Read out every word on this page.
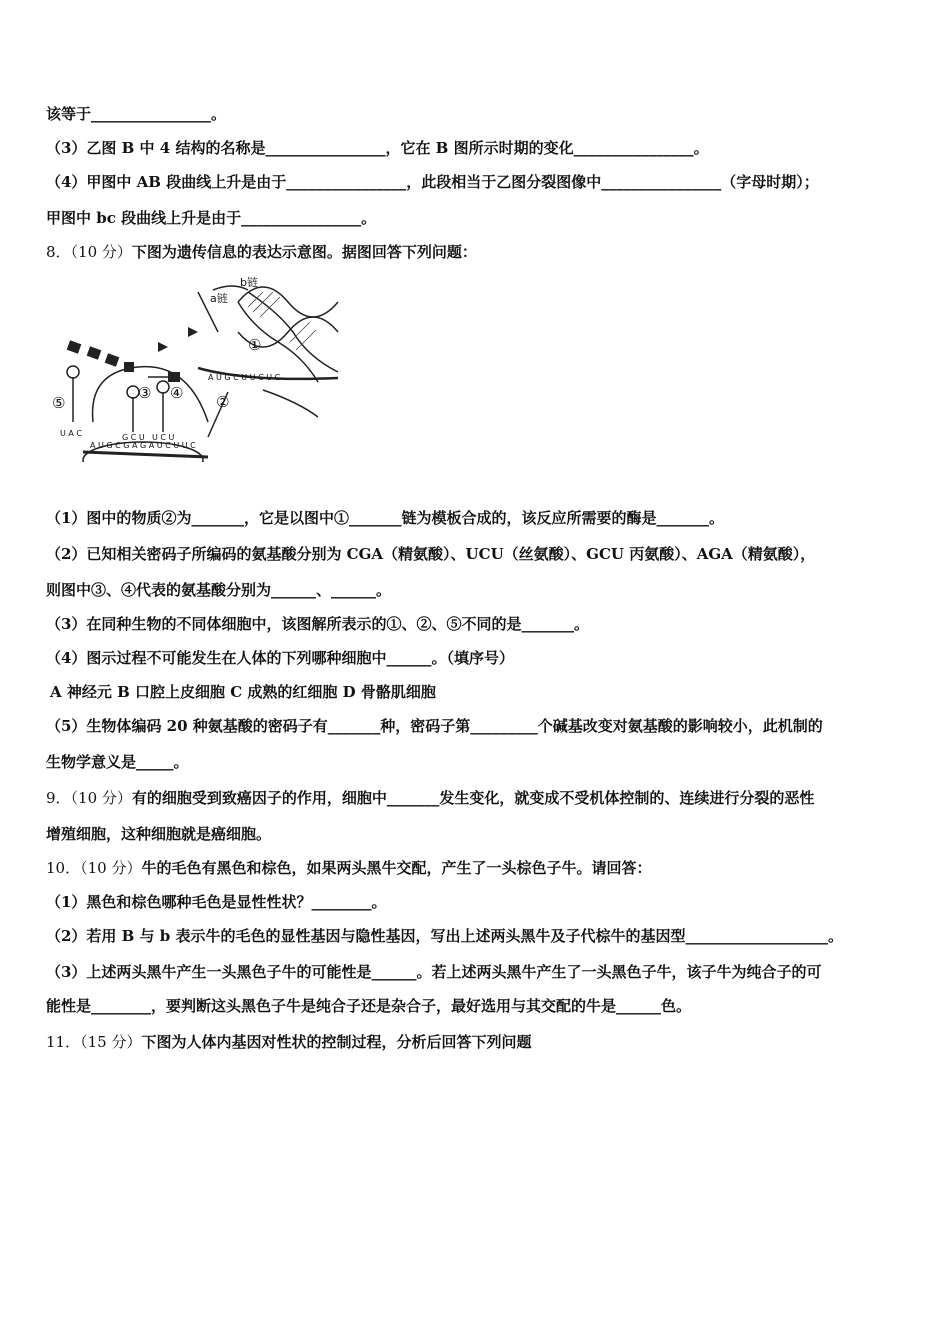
该等于________________。
（3）乙图 B 中 4 结构的名称是________________，它在 B 图所示时期的变化________________。
（4）甲图中 AB 段曲线上升是由于________________，此段相当于乙图分裂图像中________________（字母时期）；
甲图中 bc 段曲线上升是由于________________。
8．（10 分）下图为遗传信息的表达示意图。据图回答下列问题：
b链
a链
①
②
③ ④
⑤
A U G C U U C U C
A U G C G A G A U C U U C
U A C	G C U U C U
（1）图中的物质②为_______，它是以图中①_______链为模板合成的，该反应所需要的酶是_______。
（2）已知相关密码子所编码的氨基酸分别为 CGA（精氨酸）、UCU（丝氨酸）、GCU 丙氨酸）、AGA（精氨酸），
则图中③、④代表的氨基酸分别为______、______。
（3）在同种生物的不同体细胞中，该图解所表示的①、②、⑤不同的是_______。
（4）图示过程不可能发生在人体的下列哪种细胞中______。（填序号）
A 神经元 B 口腔上皮细胞 C 成熟的红细胞 D 骨骼肌细胞
（5）生物体编码 20 种氨基酸的密码子有_______种，密码子第_________个碱基改变对氨基酸的影响较小，此机制的
生物学意义是_____。
9．（10 分）有的细胞受到致癌因子的作用，细胞中_______发生变化，就变成不受机体控制的、连续进行分裂的恶性
增殖细胞，这种细胞就是癌细胞。
10．（10 分）牛的毛色有黑色和棕色，如果两头黑牛交配，产生了一头棕色子牛。请回答：
（1）黑色和棕色哪种毛色是显性性状？________。
（2）若用 B 与 b 表示牛的毛色的显性基因与隐性基因，写出上述两头黑牛及子代棕牛的基因型___________________。
（3）上述两头黑牛产生一头黑色子牛的可能性是______。若上述两头黑牛产生了一头黑色子牛，该子牛为纯合子的可
能性是________，要判断这头黑色子牛是纯合子还是杂合子，最好选用与其交配的牛是______色。
11．（15 分）下图为人体内基因对性状的控制过程，分析后回答下列问题
